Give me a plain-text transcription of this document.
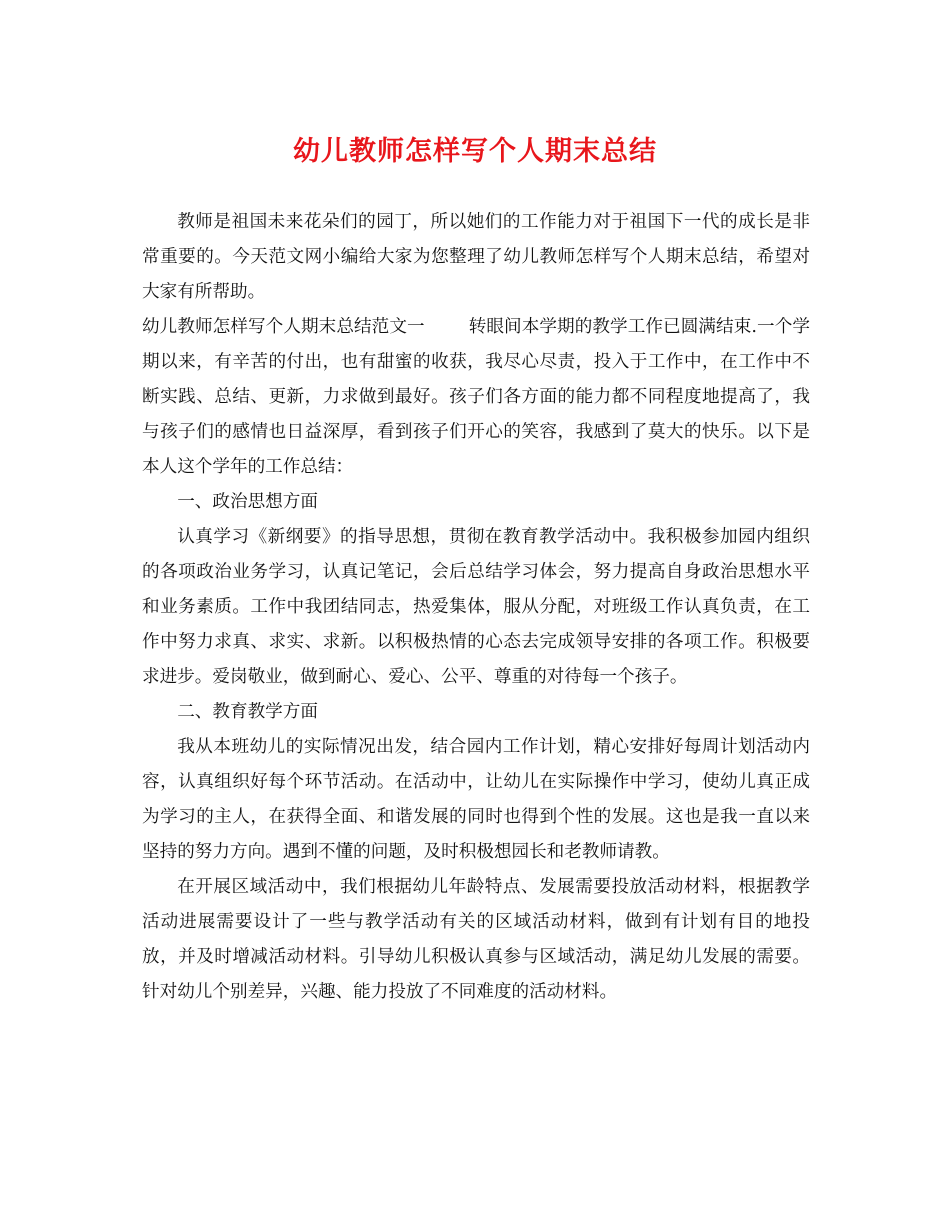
幼儿教师怎样写个人期末总结

教师是祖国未来花朵们的园丁，所以她们的工作能力对于祖国下一代的成长是非常重要的。今天范文网小编给大家为您整理了幼儿教师怎样写个人期末总结，希望对大家有所帮助。

幼儿教师怎样写个人期末总结范文一	转眼间本学期的教学工作已圆满结束.一个学期以来，有辛苦的付出，也有甜蜜的收获，我尽心尽责，投入于工作中，在工作中不断实践、总结、更新，力求做到最好。孩子们各方面的能力都不同程度地提高了，我与孩子们的感情也日益深厚，看到孩子们开心的笑容，我感到了莫大的快乐。以下是本人这个学年的工作总结：

一、政治思想方面

认真学习《新纲要》的指导思想，贯彻在教育教学活动中。我积极参加园内组织的各项政治业务学习，认真记笔记，会后总结学习体会，努力提高自身政治思想水平和业务素质。工作中我团结同志，热爱集体，服从分配，对班级工作认真负责，在工作中努力求真、求实、求新。以积极热情的心态去完成领导安排的各项工作。积极要求进步。爱岗敬业，做到耐心、爱心、公平、尊重的对待每一个孩子。

二、教育教学方面

我从本班幼儿的实际情况出发，结合园内工作计划，精心安排好每周计划活动内容，认真组织好每个环节活动。在活动中，让幼儿在实际操作中学习，使幼儿真正成为学习的主人，在获得全面、和谐发展的同时也得到个性的发展。这也是我一直以来坚持的努力方向。遇到不懂的问题，及时积极想园长和老教师请教。

在开展区域活动中，我们根据幼儿年龄特点、发展需要投放活动材料，根据教学活动进展需要设计了一些与教学活动有关的区域活动材料，做到有计划有目的地投放，并及时增减活动材料。引导幼儿积极认真参与区域活动，满足幼儿发展的需要。针对幼儿个别差异，兴趣、能力投放了不同难度的活动材料。
